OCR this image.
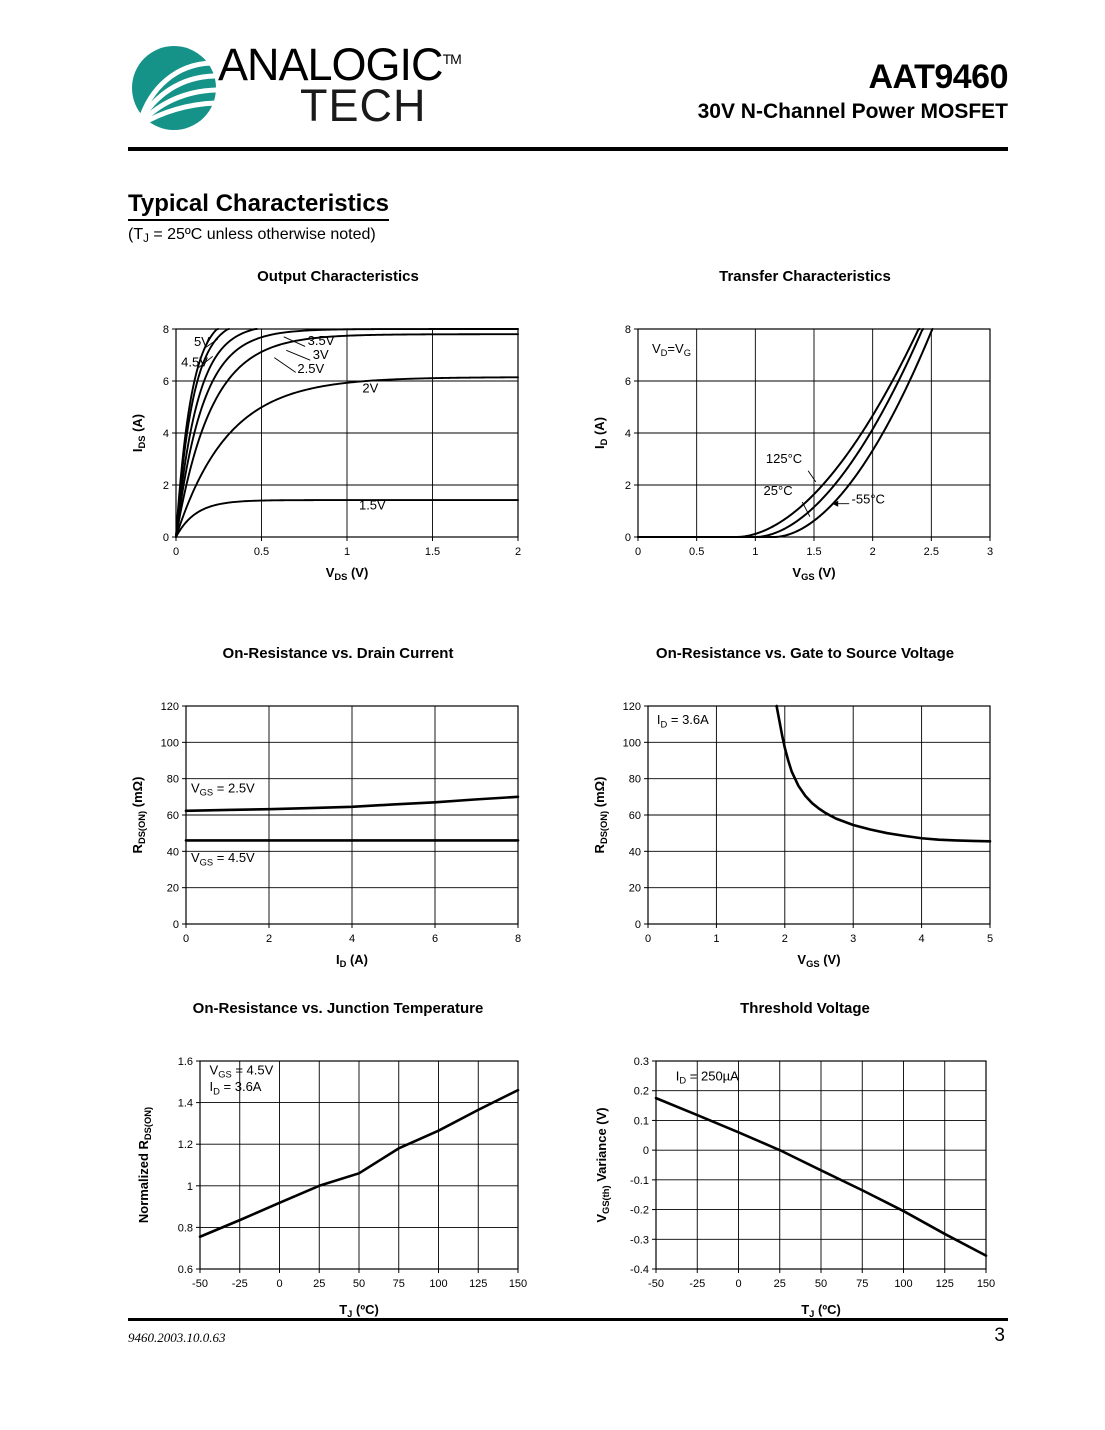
ANALOGIC™
TECH
AAT9460
30V N-Channel Power MOSFET
Typical Characteristics
($T_J$ = 25ºC unless otherwise noted)
Output Characteristics
0	0.5	1	1.5	2
0
2
4
6
8
$V_{DS}$ (V)
$I_{DS}$ (A)
5V
4.5V
3.5V
3V
2.5V
2V
1.5V
Transfer Characteristics
0	0.5	1	1.5	2	2.5	3
0
2
4
6
8
$V_{GS}$ (V)
$I_D$ (A)
$V_D=V_G$
125°C
25°C
-55°C
On-Resistance vs. Drain Current
0	2	4	6	8
0
20
40
60
80
100
120
$I_D$ (A)
$R_{DS(ON)}$ (mΩ)	$V_{GS} = 2.5V$
$V_{GS} = 4.5V$
On-Resistance vs. Gate to Source Voltage
0	1	2	3	4	5
0
20
40
60
80
100
120
$V_{GS}$ (V)
$R_{DS(ON)}$ (mΩ)
$I_D = 3.6A$
On-Resistance vs. Junction Temperature
-50 -25	0	25	50	75 100 125 150
0.6
0.8
1
1.2
1.4
1.6
$T_J$ (ºC)
Normalized $R_{DS(ON)}$
$V_{GS} = 4.5V$
$I_D = 3.6A$
Threshold Voltage
-50 -25	0	25	50	75 100 125 150
-0.4
-0.3
-0.2
-0.1
0
0.1
0.2
0.3
$T_J$ (ºC)
$V_{GS(th)}$ Variance (V)
$I_D = 250\mu A$
9460.2003.10.0.63	3
